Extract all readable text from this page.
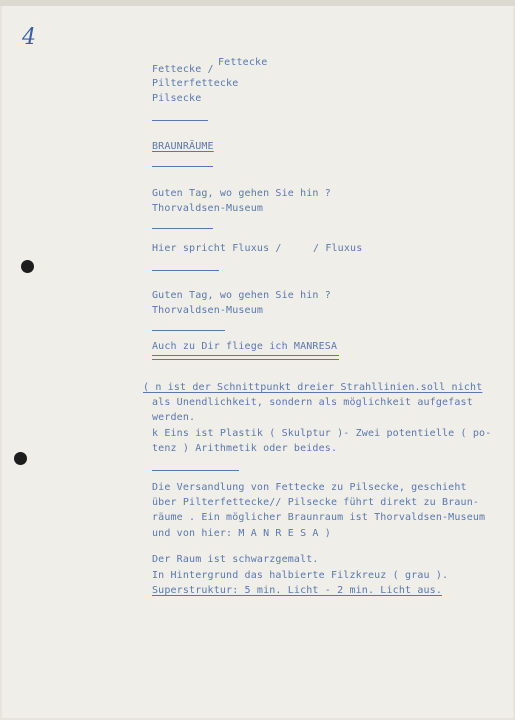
4
Fettecke /
Fettecke
Pilterfettecke
Pilsecke
BRAUNRÄUME
Guten Tag, wo gehen Sie hin ?
Thorvaldsen-Museum
Hier spricht Fluxus /	/ Fluxus
Guten Tag, wo gehen Sie hin ?
Thorvaldsen-Museum
Auch zu Dir fliege ich MANRESA
( n ist der Schnittpunkt dreier Strahllinien.soll nicht
als Unendlichkeit, sondern als möglichkeit aufgefast
werden.
k Eins ist Plastik ( Skulptur )- Zwei potentielle ( po-
tenz ) Arithmetik oder beides.
Die Versandlung von Fettecke zu Pilsecke, geschieht
über Pilterfettecke// Pilsecke führt direkt zu Braun-
räume . Ein möglicher Braunraum ist Thorvaldsen-Museum
und von hier: M A N R E S A )
Der Raum ist schwarzgemalt.
In Hintergrund das halbierte Filzkreuz ( grau ).
Superstruktur: 5 min. Licht - 2 min. Licht aus.
